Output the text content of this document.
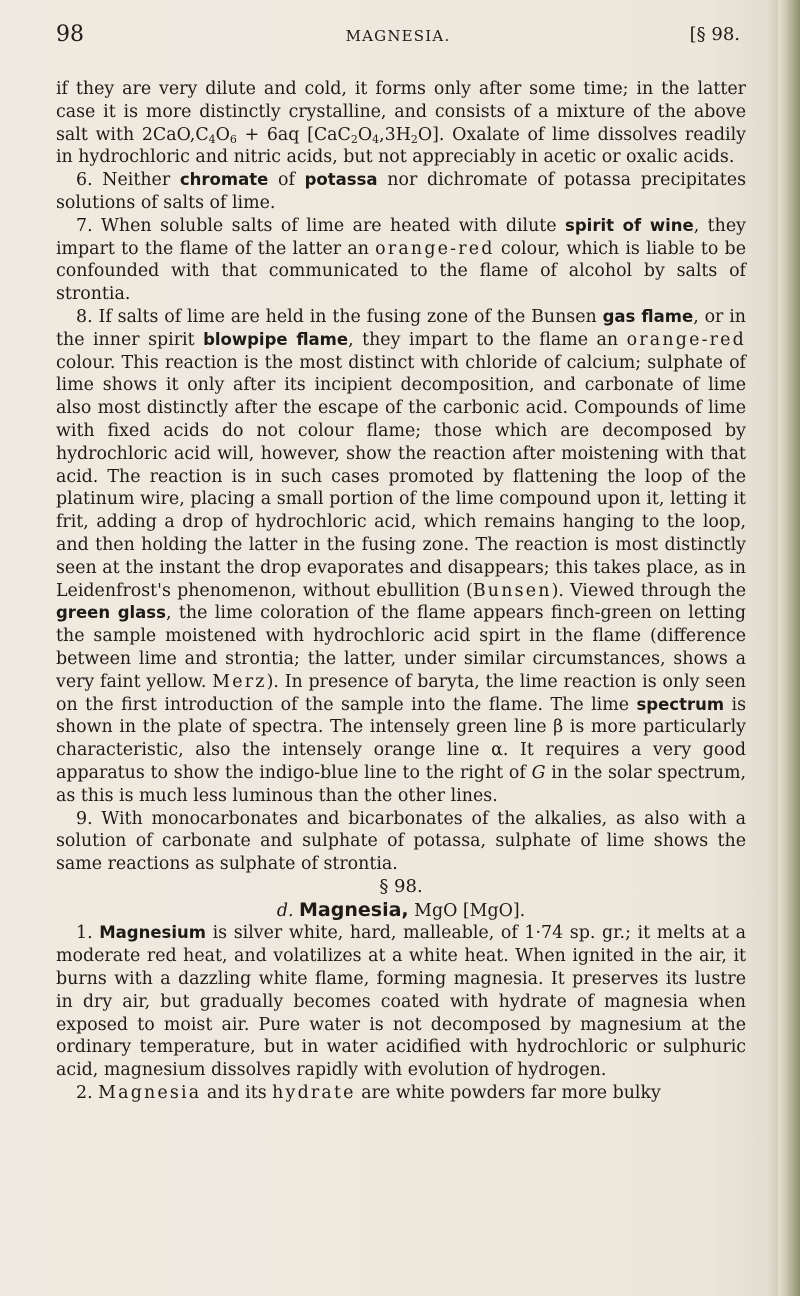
98	MAGNESIA.	[§ 98.

if they are very dilute and cold, it forms only after some time; in the latter case it is more distinctly crystalline, and consists of a mixture of the above salt with $2CaO,C_4O_6 + 6aq$ $[CaC_2O_4,3H_2O]$. Oxalate of lime dissolves readily in hydrochloric and nitric acids, but not appreciably in acetic or oxalic acids.

6. Neither chromate of potassa nor dichromate of potassa precipitates solutions of salts of lime.

7. When soluble salts of lime are heated with dilute spirit of wine, they impart to the flame of the latter an orange-red colour, which is liable to be confounded with that communicated to the flame of alcohol by salts of strontia.

8. If salts of lime are held in the fusing zone of the Bunsen gas flame, or in the inner spirit blowpipe flame, they impart to the flame an orange-red colour. This reaction is the most distinct with chloride of calcium; sulphate of lime shows it only after its incipient decomposition, and carbonate of lime also most distinctly after the escape of the carbonic acid. Compounds of lime with fixed acids do not colour flame; those which are decomposed by hydrochloric acid will, however, show the reaction after moistening with that acid. The reaction is in such cases promoted by flattening the loop of the platinum wire, placing a small portion of the lime compound upon it, letting it frit, adding a drop of hydrochloric acid, which remains hanging to the loop, and then holding the latter in the fusing zone. The reaction is most distinctly seen at the instant the drop evaporates and disappears; this takes place, as in Leidenfrost's phenomenon, without ebullition (Bunsen). Viewed through the green glass, the lime coloration of the flame appears finch-green on letting the sample moistened with hydrochloric acid spirt in the flame (difference between lime and strontia; the latter, under similar circumstances, shows a very faint yellow. Merz). In presence of baryta, the lime reaction is only seen on the first introduction of the sample into the flame. The lime spectrum is shown in the plate of spectra. The intensely green line β is more particularly characteristic, also the intensely orange line α. It requires a very good apparatus to show the indigo-blue line to the right of G in the solar spectrum, as this is much less luminous than the other lines.

9. With monocarbonates and bicarbonates of the alkalies, as also with a solution of carbonate and sulphate of potassa, sulphate of lime shows the same reactions as sulphate of strontia.

§ 98.

d. Magnesia, MgO [MgO].

1. Magnesium is silver white, hard, malleable, of 1·74 sp. gr.; it melts at a moderate red heat, and volatilizes at a white heat. When ignited in the air, it burns with a dazzling white flame, forming magnesia. It preserves its lustre in dry air, but gradually becomes coated with hydrate of magnesia when exposed to moist air. Pure water is not decomposed by magnesium at the ordinary temperature, but in water acidified with hydrochloric or sulphuric acid, magnesium dissolves rapidly with evolution of hydrogen.

2. Magnesia and its hydrate are white powders far more bulky
